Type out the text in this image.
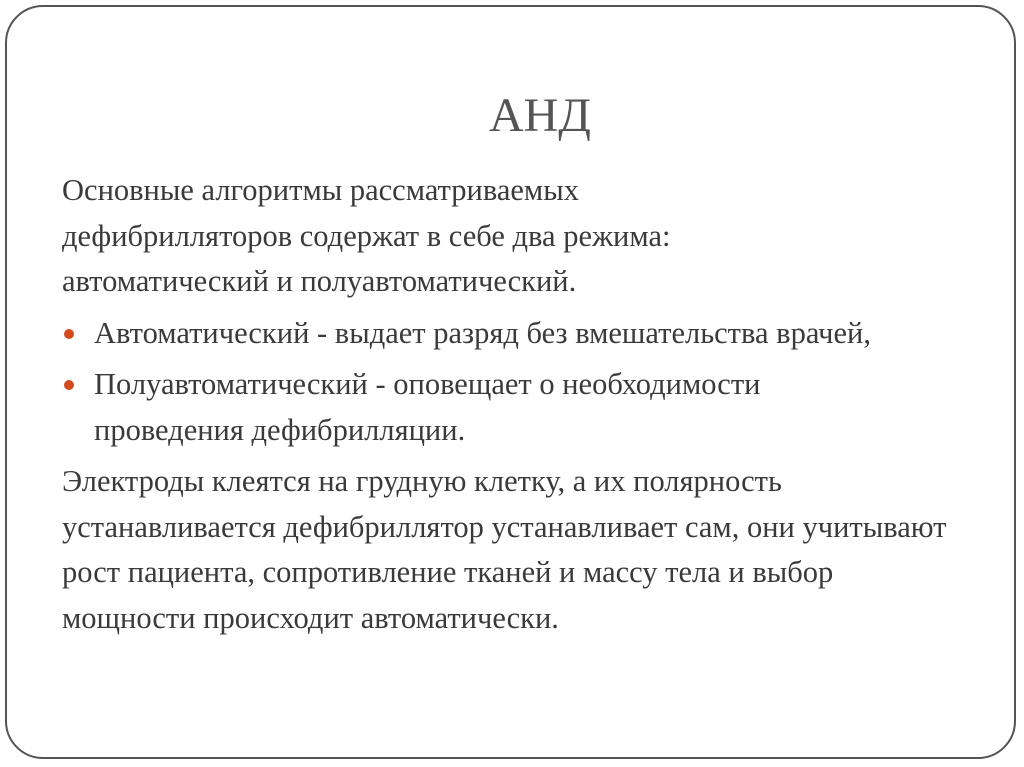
АНД

Основные алгоритмы рассматриваемых дефибрилляторов содержат в себе два режима: автоматический и полуавтоматический.

Автоматический - выдает разряд без вмешательства врачей,
Полуавтоматический - оповещает о необходимости проведения дефибрилляции.

Электроды клеятся на грудную клетку, а их полярность устанавливается дефибриллятор устанавливает сам, они учитывают рост пациента, сопротивление тканей и массу тела и выбор мощности происходит автоматически.
